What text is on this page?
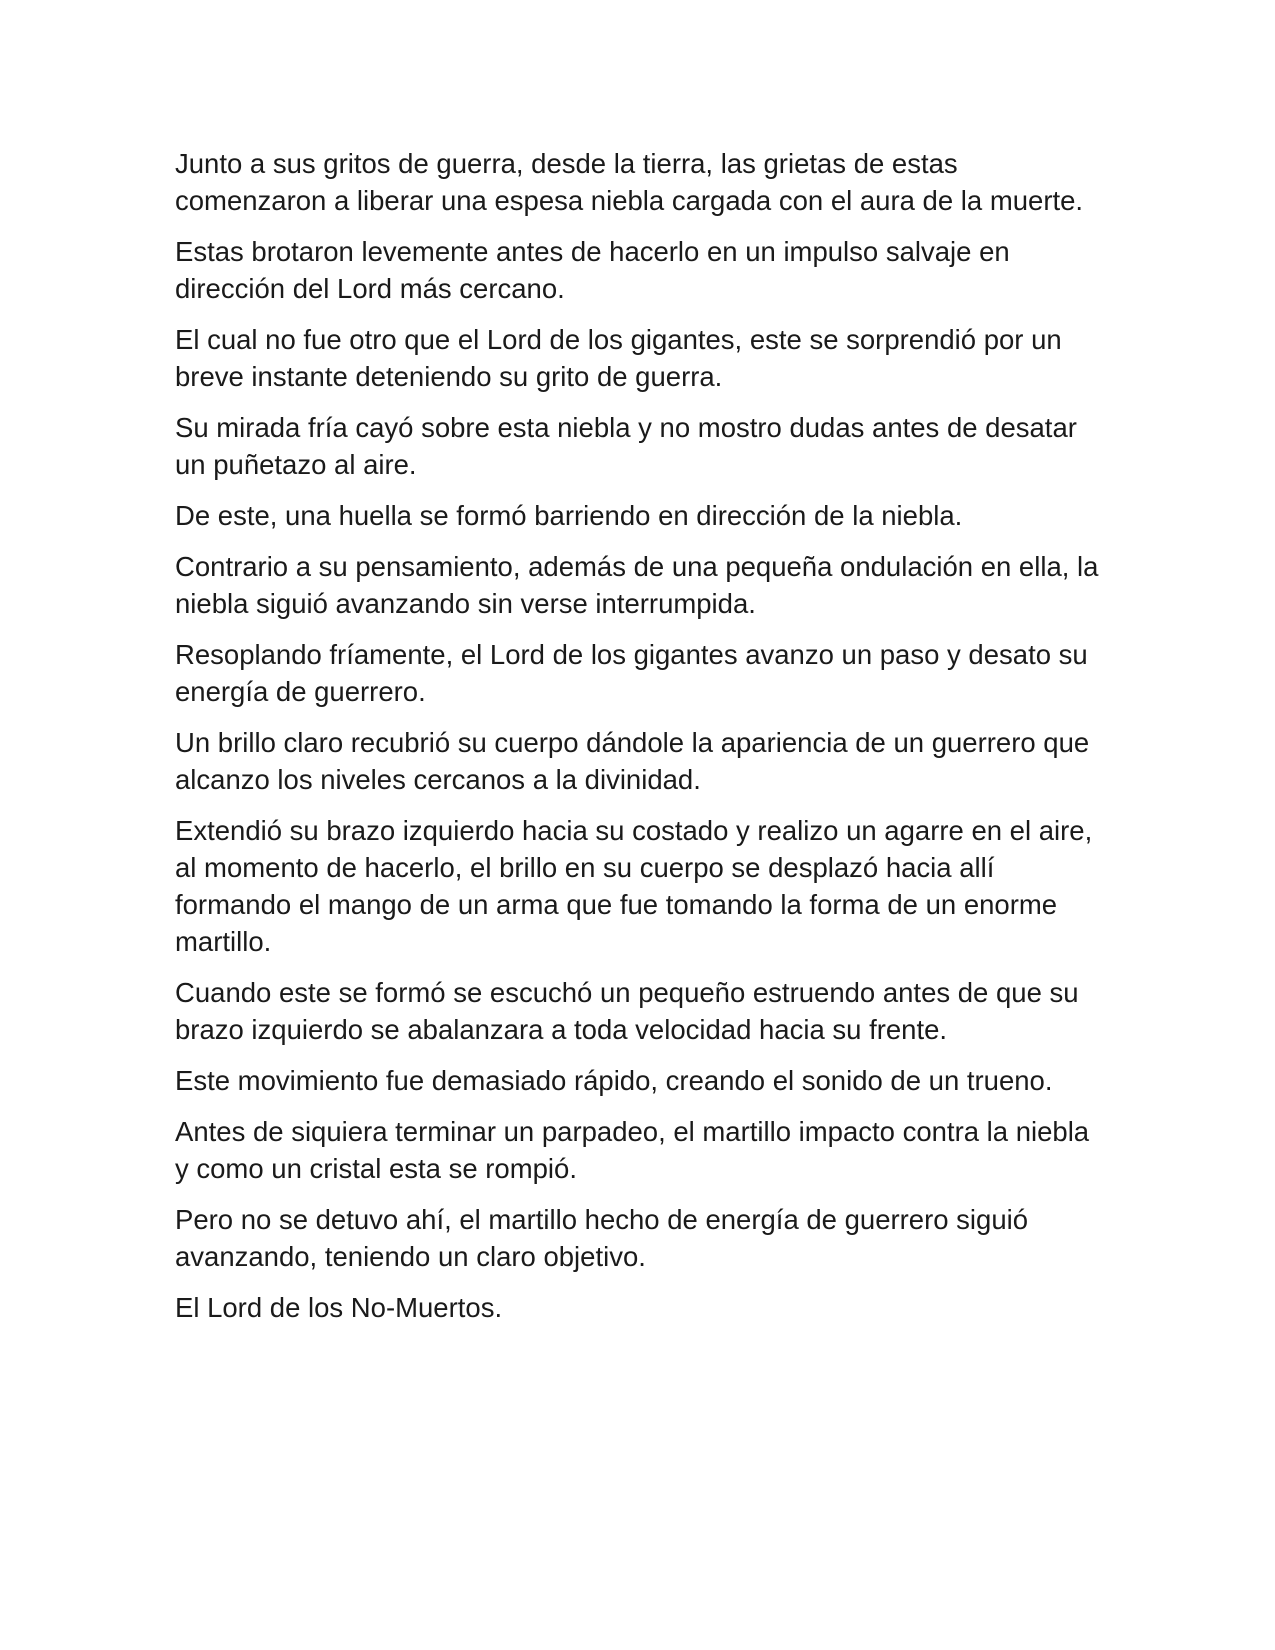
Junto a sus gritos de guerra, desde la tierra, las grietas de estas comenzaron a liberar una espesa niebla cargada con el aura de la muerte.

Estas brotaron levemente antes de hacerlo en un impulso salvaje en dirección del Lord más cercano.

El cual no fue otro que el Lord de los gigantes, este se sorprendió por un breve instante deteniendo su grito de guerra.

Su mirada fría cayó sobre esta niebla y no mostro dudas antes de desatar un puñetazo al aire.

De este, una huella se formó barriendo en dirección de la niebla.

Contrario a su pensamiento, además de una pequeña ondulación en ella, la niebla siguió avanzando sin verse interrumpida.

Resoplando fríamente, el Lord de los gigantes avanzo un paso y desato su energía de guerrero.

Un brillo claro recubrió su cuerpo dándole la apariencia de un guerrero que alcanzo los niveles cercanos a la divinidad.

Extendió su brazo izquierdo hacia su costado y realizo un agarre en el aire, al momento de hacerlo, el brillo en su cuerpo se desplazó hacia allí formando el mango de un arma que fue tomando la forma de un enorme martillo.

Cuando este se formó se escuchó un pequeño estruendo antes de que su brazo izquierdo se abalanzara a toda velocidad hacia su frente.

Este movimiento fue demasiado rápido, creando el sonido de un trueno.

Antes de siquiera terminar un parpadeo, el martillo impacto contra la niebla y como un cristal esta se rompió.

Pero no se detuvo ahí, el martillo hecho de energía de guerrero siguió avanzando, teniendo un claro objetivo.

El Lord de los No-Muertos.
